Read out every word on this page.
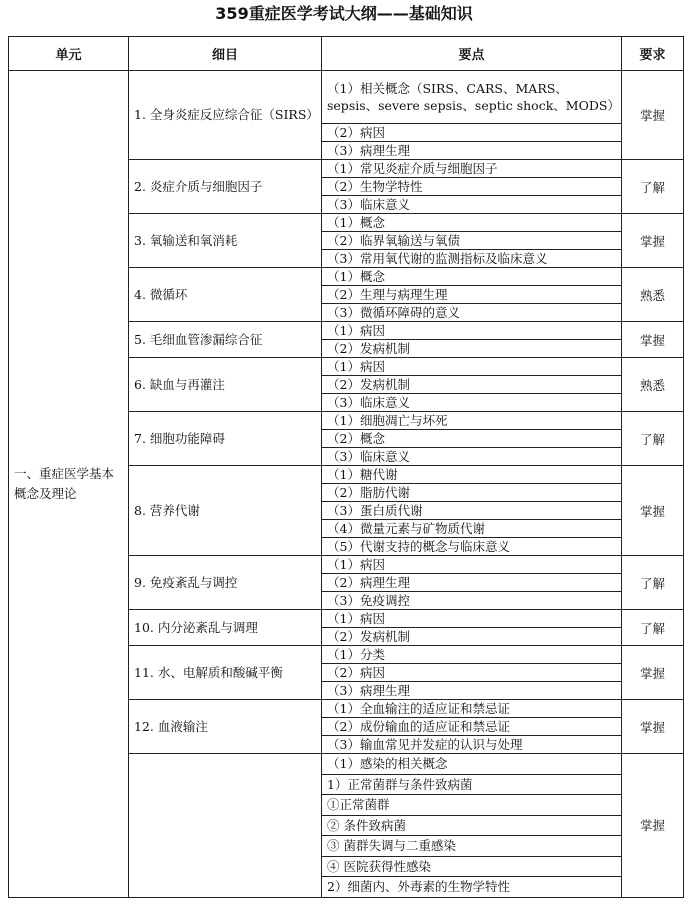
359重症医学考试大纲——基础知识
单元	细目	要点	要求
一、重症医学基本概念及理论	1. 全身炎症反应综合征（SIRS）	（1）相关概念（SIRS、CARS、MARS、sepsis、severe sepsis、septic shock、MODS）	掌握
		（2）病因	
		（3）病理生理	
	2. 炎症介质与细胞因子	（1）常见炎症介质与细胞因子	了解
		（2）生物学特性	
		（3）临床意义	
	3. 氧输送和氧消耗	（1）概念	掌握
		（2）临界氧输送与氧债	
		（3）常用氧代谢的监测指标及临床意义	
	4. 微循环	（1）概念	熟悉
		（2）生理与病理生理	
		（3）微循环障碍的意义	
	5. 毛细血管渗漏综合征	（1）病因	掌握
		（2）发病机制	
	6. 缺血与再灌注	（1）病因	熟悉
		（2）发病机制	
		（3）临床意义	
	7. 细胞功能障碍	（1）细胞凋亡与坏死	了解
		（2）概念	
		（3）临床意义	
	8. 营养代谢	（1）糖代谢	掌握
		（2）脂肪代谢	
		（3）蛋白质代谢	
		（4）微量元素与矿物质代谢	
		（5）代谢支持的概念与临床意义	
	9. 免疫紊乱与调控	（1）病因	了解
		（2）病理生理	
		（3）免疫调控	
	10. 内分泌紊乱与调理	（1）病因	了解
		（2）发病机制	
	11. 水、电解质和酸碱平衡	（1）分类	掌握
		（2）病因	
		（3）病理生理	
	12. 血液输注	（1）全血输注的适应证和禁忌证	掌握
		（2）成份输血的适应证和禁忌证	
		（3）输血常见并发症的认识与处理	
		（1）感染的相关概念	掌握
		1）正常菌群与条件致病菌	
		①正常菌群	
		② 条件致病菌	
		③ 菌群失调与二重感染	
		④ 医院获得性感染	
		2）细菌内、外毒素的生物学特性	
